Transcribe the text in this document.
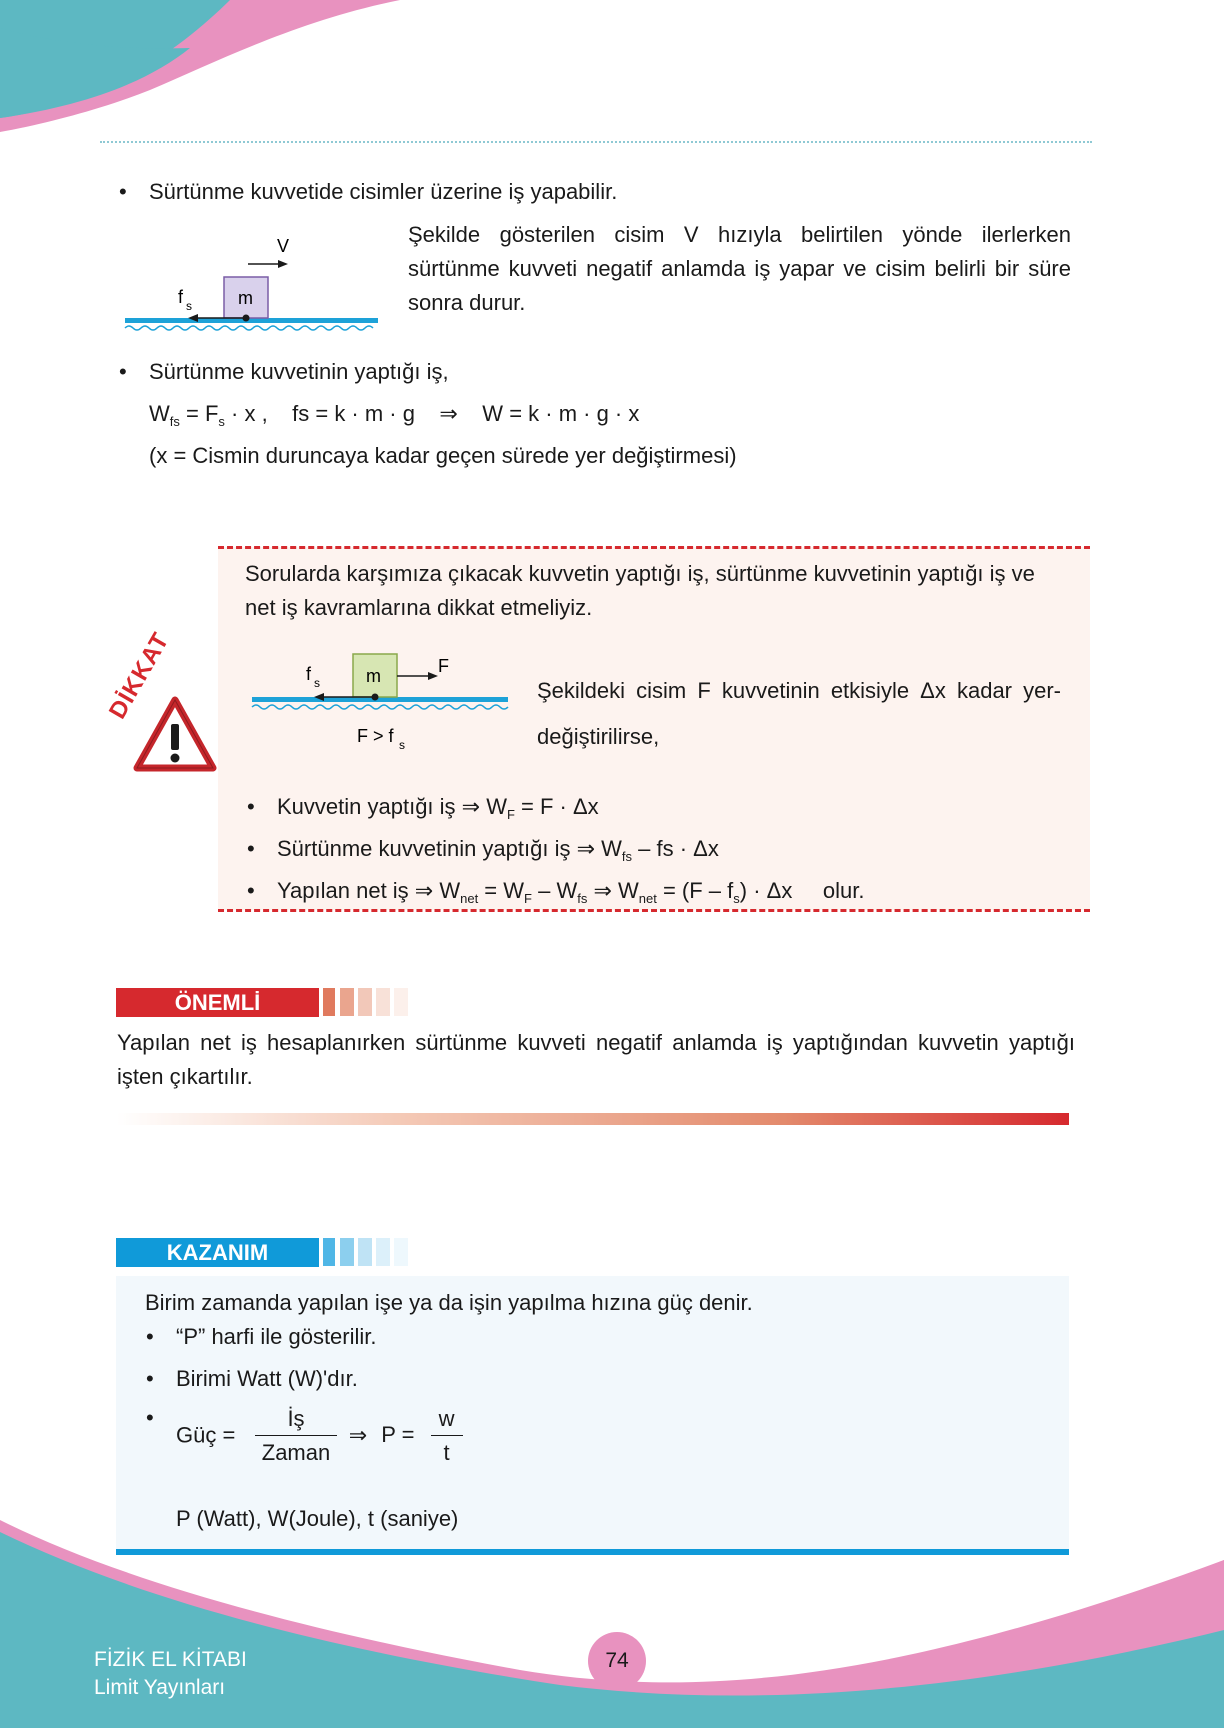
• Sürtünme kuvvetide cisimler üzerine iş yapabilir.
m
f s
V	Şekilde gösterilen cisim V hızıyla belirtilen yönde ilerlerken sürtünme kuvveti negatif anlamda iş yapar ve cisim belirli bir süre sonra durur.
• Sürtünme kuvvetinin yaptığı iş,
$W_{fs} = F_s \cdot x$ ,    fs = k · m · g    ⇒    W = k · m · g · x
(x = Cismin duruncaya kadar geçen sürede yer değiştirmesi)
DİKKAT
Sorularda karşımıza çıkacak kuvvetin yaptığı iş, sürtünme kuvvetinin yaptığı iş ve net iş kavramlarına dikkat etmeliyiz.
m
f s
F
F > f s
Şekildeki cisim F kuvvetinin etkisiyle Δx kadar yer-değiştirilirse,
• Kuvvetin yaptığı iş ⇒ $W_F = F \cdot \Delta x$
• Sürtünme kuvvetinin yaptığı iş ⇒ $W_{fs}$ – fs · Δx
• Yapılan net iş ⇒ $W_{net} = W_F - W_{fs}$ ⇒ $W_{net} = (F - f_s) \cdot \Delta x$     olur.
ÖNEMLİ
Yapılan net iş hesaplanırken sürtünme kuvveti negatif anlamda iş yaptığından kuvvetin yaptığı işten çıkartılır.
KAZANIM
Birim zamanda yapılan işe ya da işin yapılma hızına güç denir.
• “P” harfi ile gösterilir.
• Birimi Watt (W)'dır.
• Güç = $\frac{İş}{\text{Zaman}}$ ⇒ $P = \frac{w}{t}$
P (Watt), W(Joule), t (saniye)
FİZİK EL KİTABI
Limit Yayınları
74
